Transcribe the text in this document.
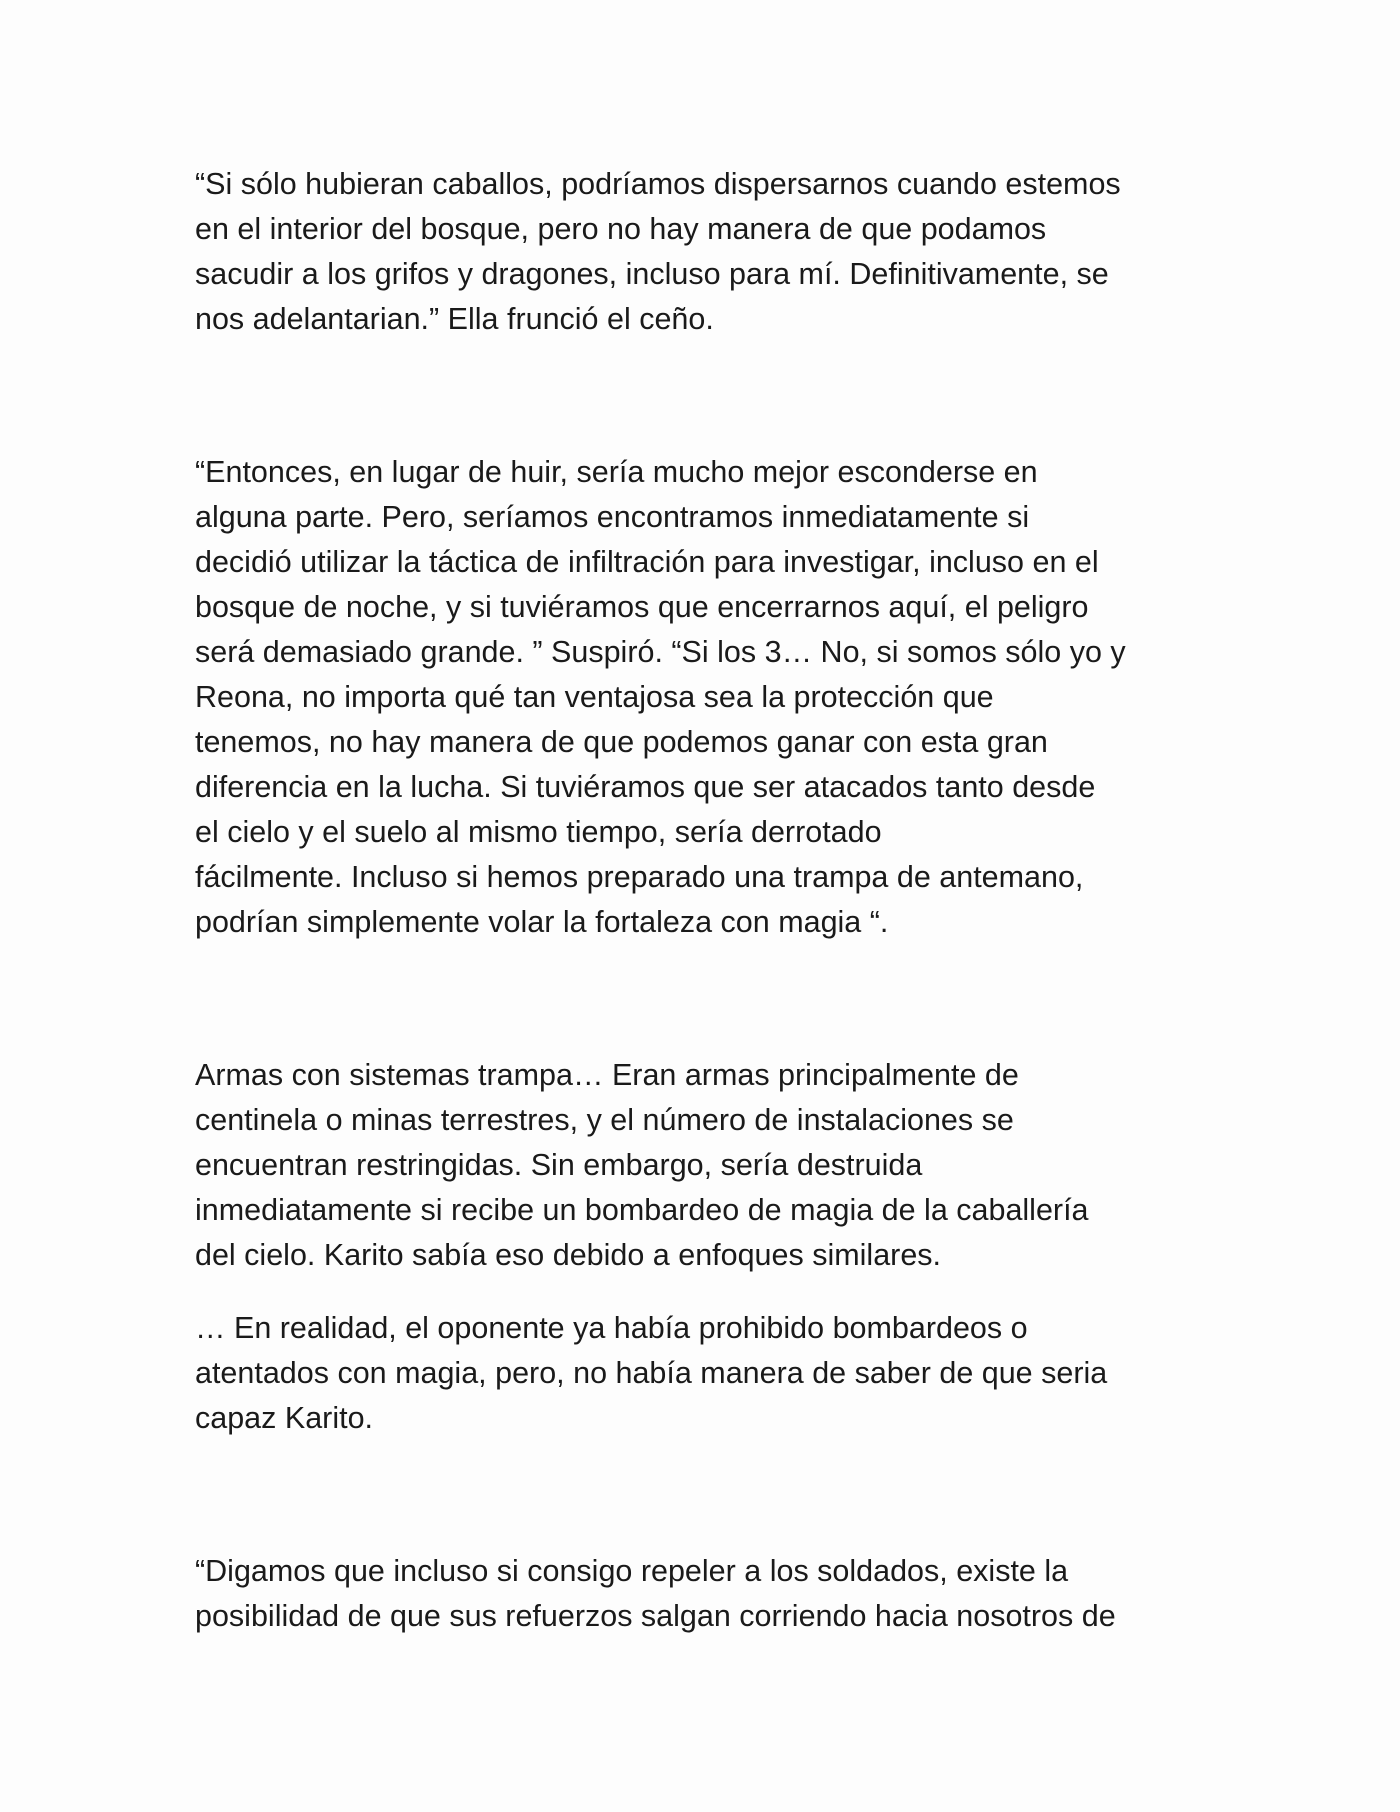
“Si sólo hubieran caballos, podríamos dispersarnos cuando estemos
en el interior del bosque, pero no hay manera de que podamos
sacudir a los grifos y dragones, incluso para mí. Definitivamente, se
nos adelantarian.” Ella frunció el ceño.

“Entonces, en lugar de huir, sería mucho mejor esconderse en
alguna parte. Pero, seríamos encontramos inmediatamente si
decidió utilizar la táctica de infiltración para investigar, incluso en el
bosque de noche, y si tuviéramos que encerrarnos aquí, el peligro
será demasiado grande. ” Suspiró. “Si los 3… No, si somos sólo yo y
Reona, no importa qué tan ventajosa sea la protección que
tenemos, no hay manera de que podemos ganar con esta gran
diferencia en la lucha. Si tuviéramos que ser atacados tanto desde
el cielo y el suelo al mismo tiempo, sería derrotado
fácilmente. Incluso si hemos preparado una trampa de antemano,
podrían simplemente volar la fortaleza con magia “.

Armas con sistemas trampa… Eran armas principalmente de
centinela o minas terrestres, y el número de instalaciones se
encuentran restringidas. Sin embargo, sería destruida
inmediatamente si recibe un bombardeo de magia de la caballería
del cielo. Karito sabía eso debido a enfoques similares.

… En realidad, el oponente ya había prohibido bombardeos o
atentados con magia, pero, no había manera de saber de que seria
capaz Karito.

“Digamos que incluso si consigo repeler a los soldados, existe la
posibilidad de que sus refuerzos salgan corriendo hacia nosotros de
